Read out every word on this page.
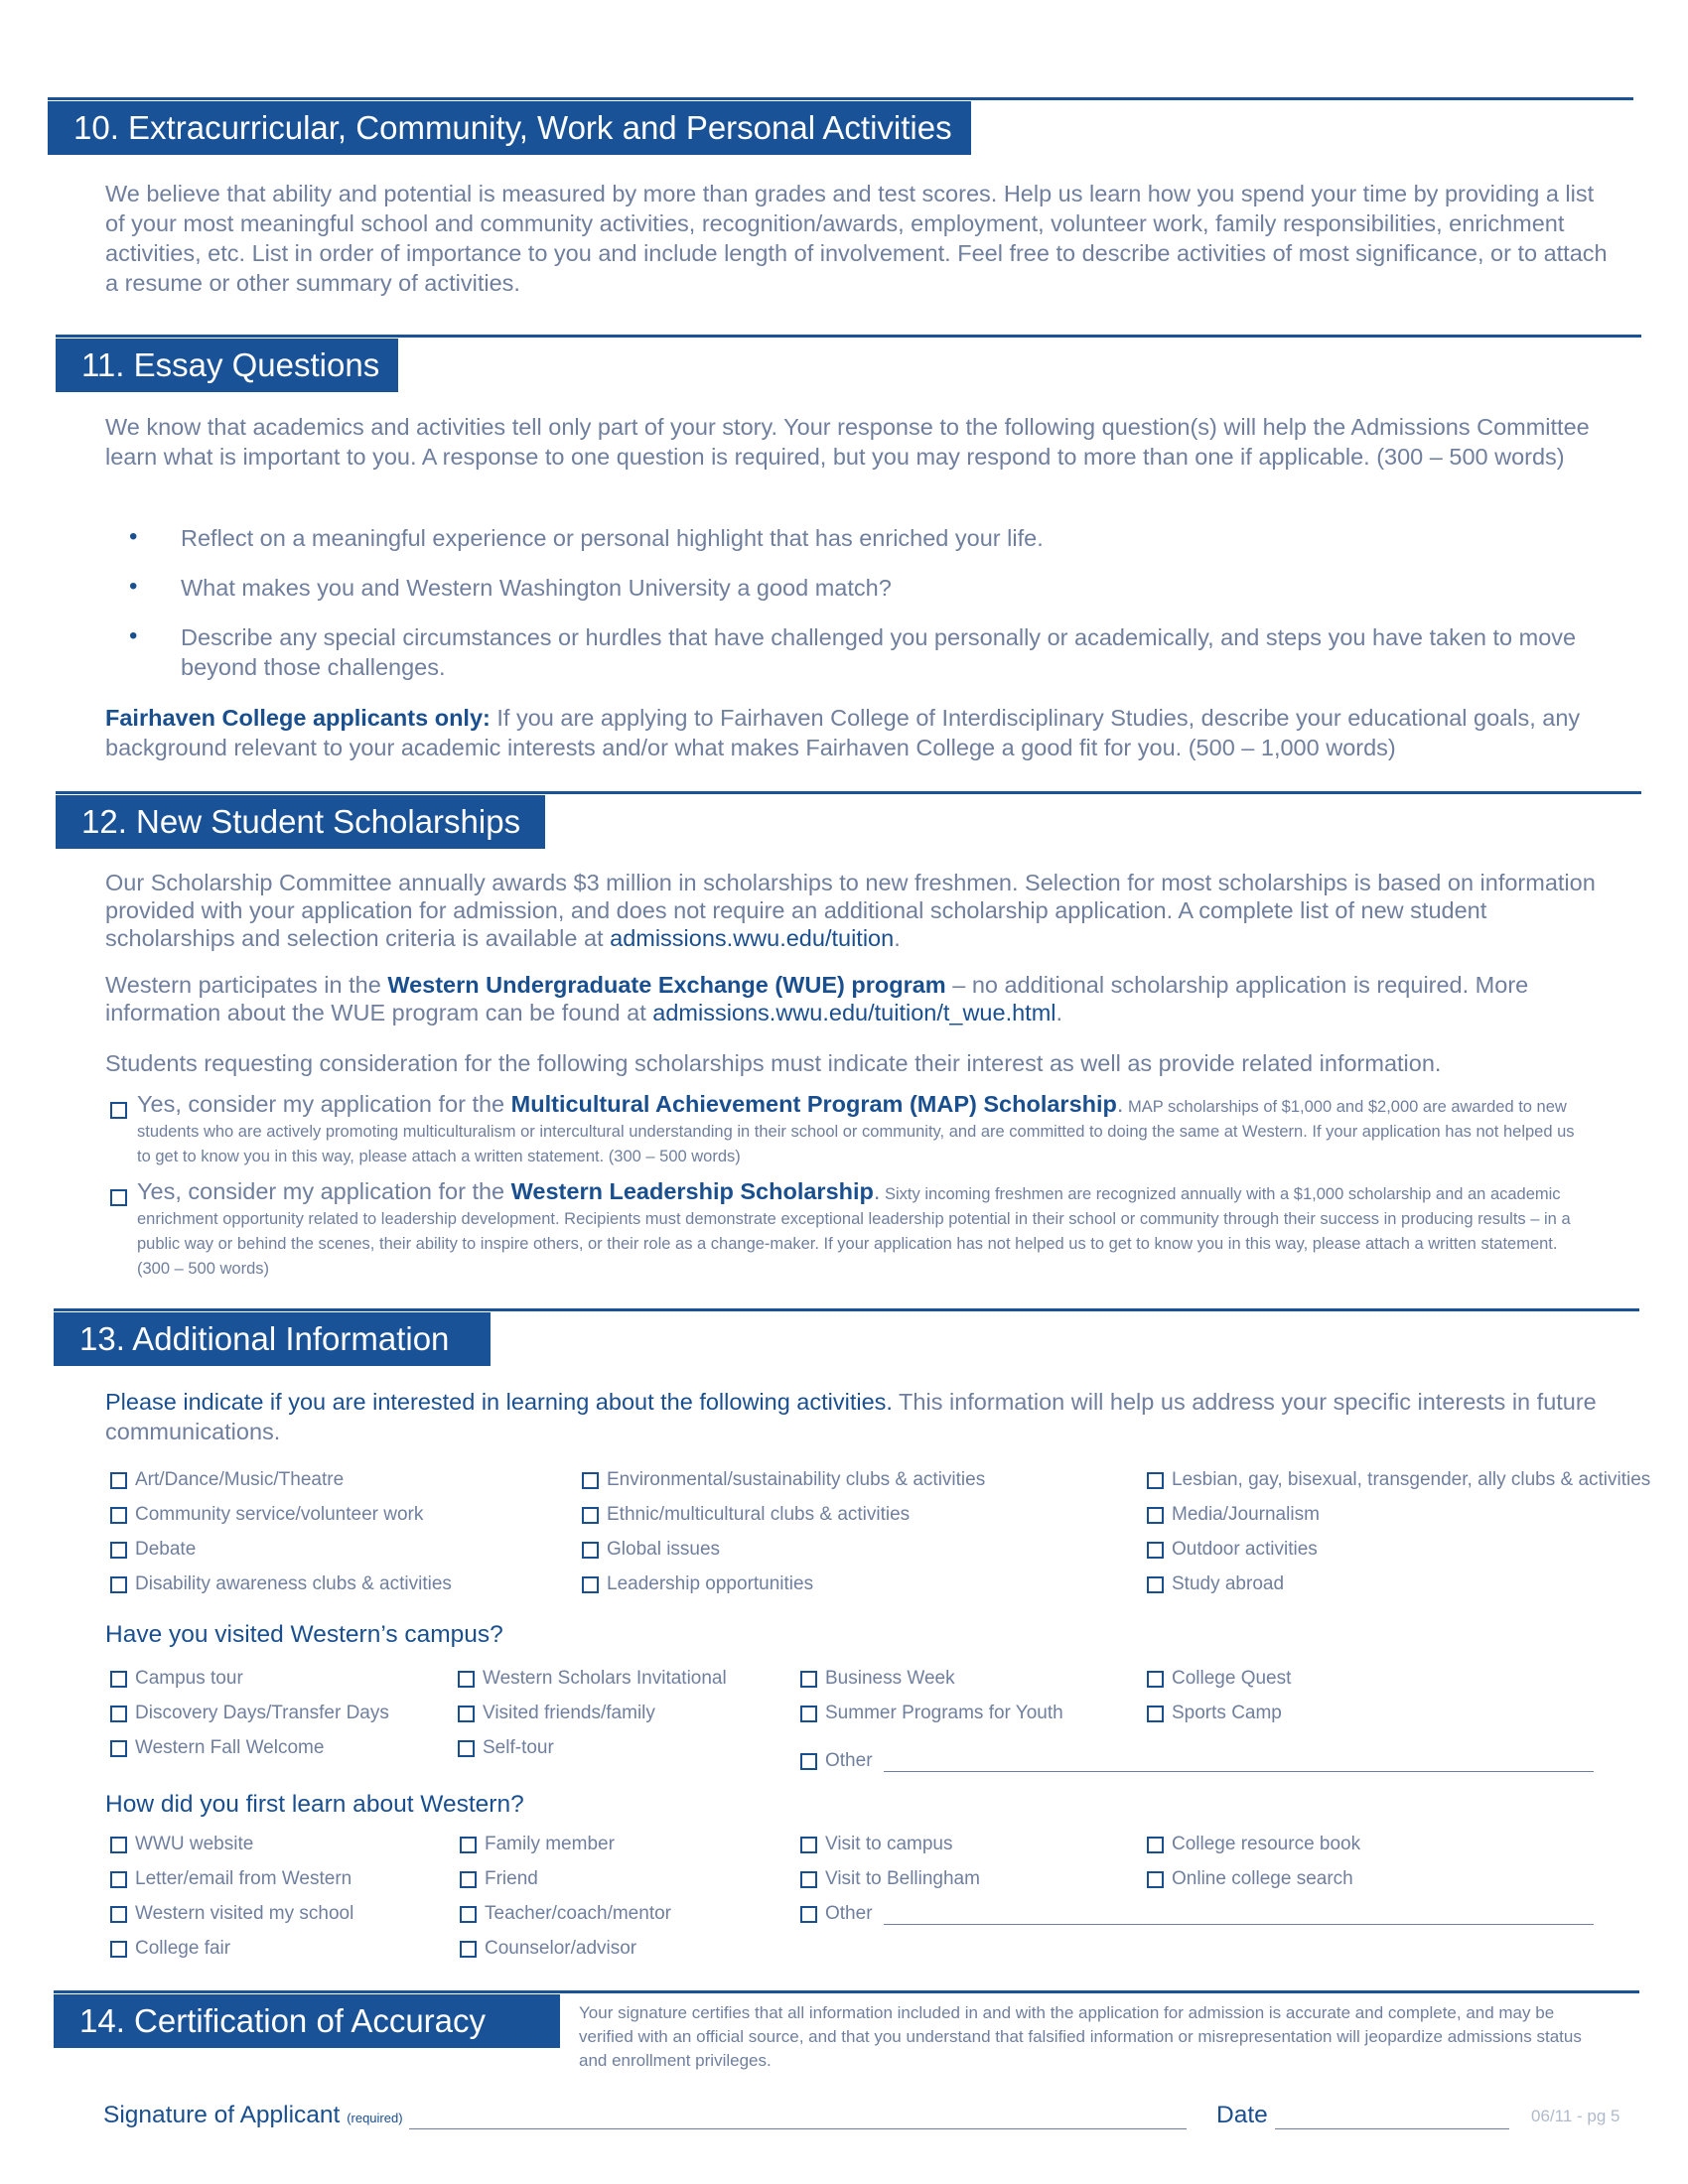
10. Extracurricular, Community, Work and Personal Activities
We believe that ability and potential is measured by more than grades and test scores. Help us learn how you spend your time by providing a list of your most meaningful school and community activities, recognition/awards, employment, volunteer work, family responsibilities, enrichment activities, etc. List in order of importance to you and include length of involvement. Feel free to describe activities of most significance, or to attach a resume or other summary of activities.
11. Essay Questions
We know that academics and activities tell only part of your story. Your response to the following question(s) will help the Admissions Committee learn what is important to you. A response to one question is required, but you may respond to more than one if applicable. (300 – 500 words)
• Reflect on a meaningful experience or personal highlight that has enriched your life.
• What makes you and Western Washington University a good match?
• Describe any special circumstances or hurdles that have challenged you personally or academically, and steps you have taken to move beyond those challenges.
Fairhaven College applicants only: If you are applying to Fairhaven College of Interdisciplinary Studies, describe your educational goals, any background relevant to your academic interests and/or what makes Fairhaven College a good fit for you. (500 – 1,000 words)
12. New Student Scholarships
Our Scholarship Committee annually awards $3 million in scholarships to new freshmen. Selection for most scholarships is based on information provided with your application for admission, and does not require an additional scholarship application. A complete list of new student scholarships and selection criteria is available at admissions.wwu.edu/tuition.
Western participates in the Western Undergraduate Exchange (WUE) program – no additional scholarship application is required. More information about the WUE program can be found at admissions.wwu.edu/tuition/t_wue.html.
Students requesting consideration for the following scholarships must indicate their interest as well as provide related information.
Yes, consider my application for the Multicultural Achievement Program (MAP) Scholarship. MAP scholarships of $1,000 and $2,000 are awarded to new students who are actively promoting multiculturalism or intercultural understanding in their school or community, and are committed to doing the same at Western. If your application has not helped us to get to know you in this way, please attach a written statement. (300 – 500 words)
Yes, consider my application for the Western Leadership Scholarship. Sixty incoming freshmen are recognized annually with a $1,000 scholarship and an academic enrichment opportunity related to leadership development. Recipients must demonstrate exceptional leadership potential in their school or community through their success in producing results – in a public way or behind the scenes, their ability to inspire others, or their role as a change-maker. If your application has not helped us to get to know you in this way, please attach a written statement. (300 – 500 words)
13. Additional Information
Please indicate if you are interested in learning about the following activities. This information will help us address your specific interests in future communications.
Art/Dance/Music/Theatre
Community service/volunteer work
Debate
Disability awareness clubs & activities
Environmental/sustainability clubs & activities
Ethnic/multicultural clubs & activities
Global issues
Leadership opportunities
Lesbian, gay, bisexual, transgender, ally clubs & activities
Media/Journalism
Outdoor activities
Study abroad
Have you visited Western’s campus?
Campus tour
Discovery Days/Transfer Days
Western Fall Welcome
Western Scholars Invitational
Visited friends/family
Self-tour
Business Week
Summer Programs for Youth
Other
College Quest
Sports Camp
How did you first learn about Western?
WWU website
Letter/email from Western
Western visited my school
College fair
Family member
Friend
Teacher/coach/mentor
Counselor/advisor
Visit to campus
Visit to Bellingham
Other
College resource book
Online college search
14. Certification of Accuracy	Your signature certifies that all information included in and with the application for admission is accurate and complete, and may be verified with an official source, and that you understand that falsified information or misrepresentation will jeopardize admissions status and enrollment privileges.
Signature of Applicant (required)	Date	06/11 - pg 5
